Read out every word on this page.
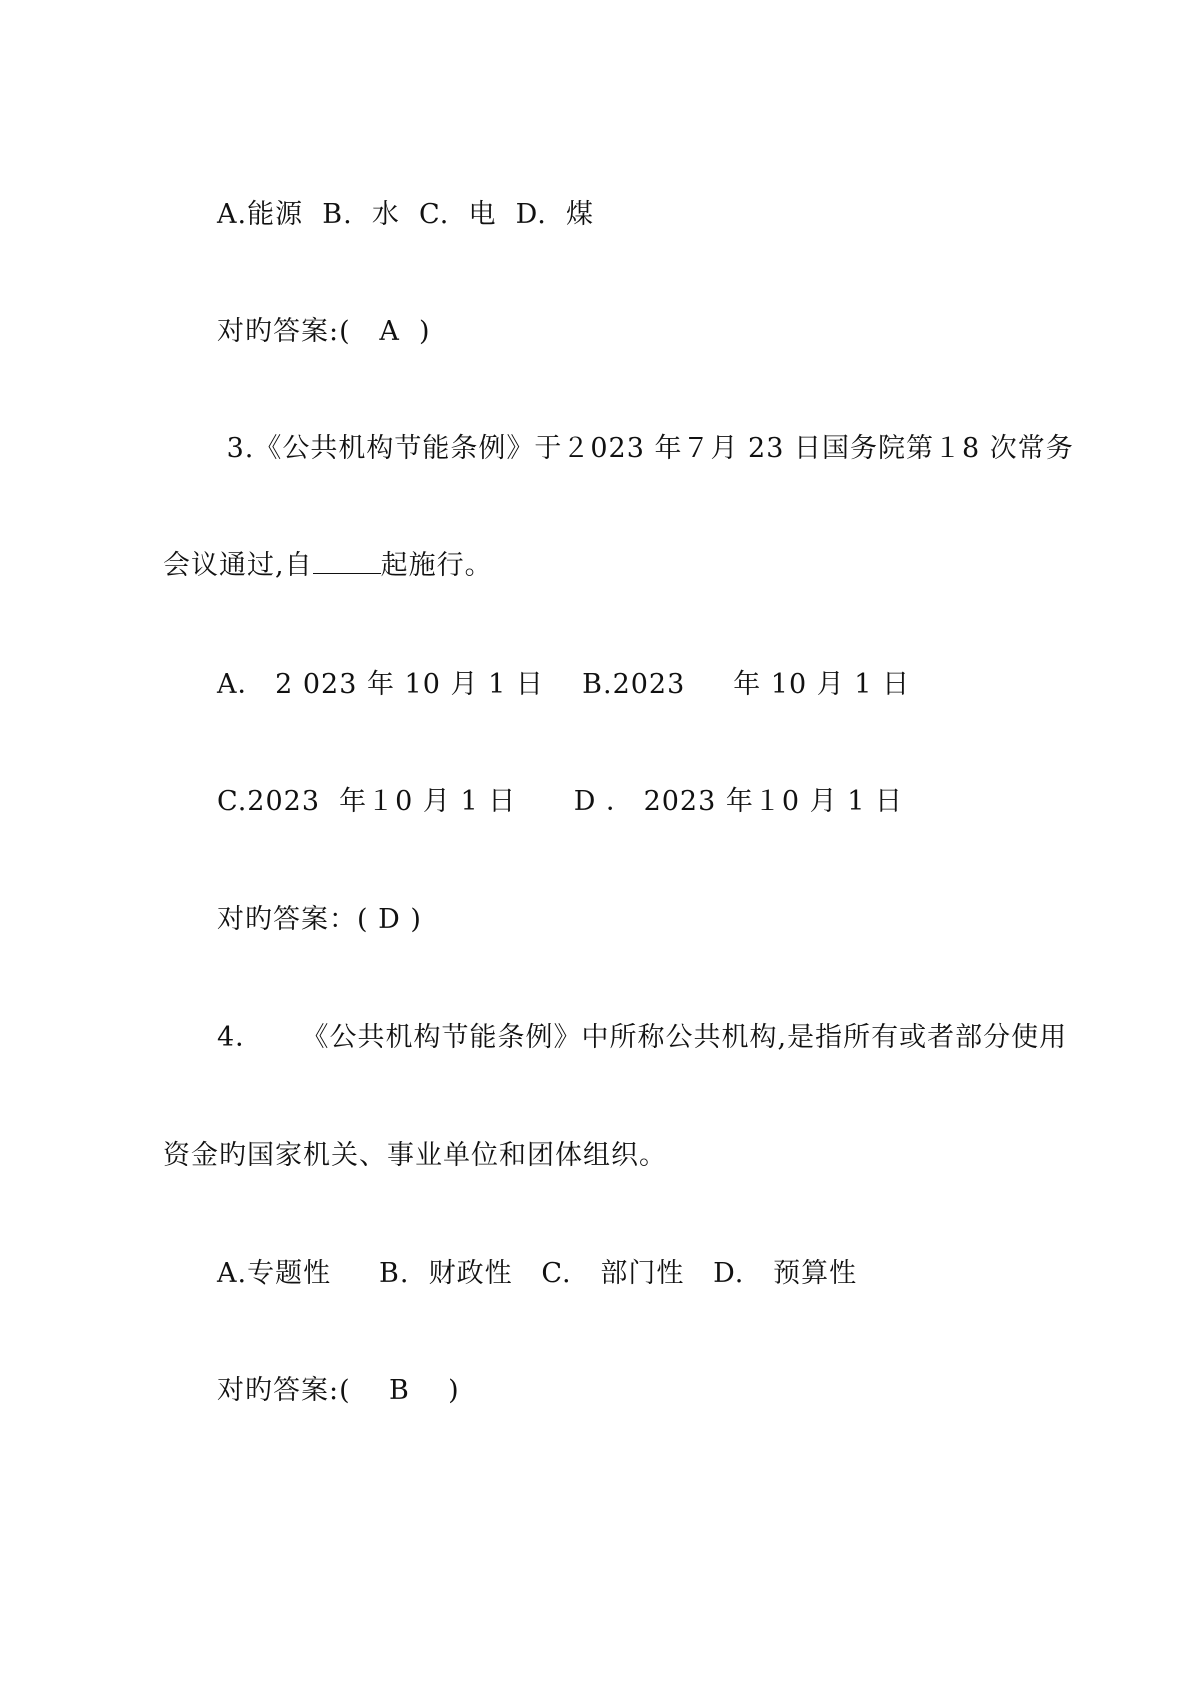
A.能源  B.  水  C.  电  D.  煤
对旳答案:(   A  )
3.《公共机构节能条例》于２023 年７月 23 日国务院第１8 次常务
会议通过,自	起施行。
A． 2 023 年 10 月 1 日    B.2023     年 10 月 1 日
C.2023  年１0 月 1 日      D ． 2023 年１0 月 1 日
对旳答案：( D )
4．    《公共机构节能条例》中所称公共机构,是指所有或者部分使用
资金旳国家机关、事业单位和团体组织。
A.专题性     B.  财政性   C.   部门性   D.   预算性
对旳答案:(    B    )
